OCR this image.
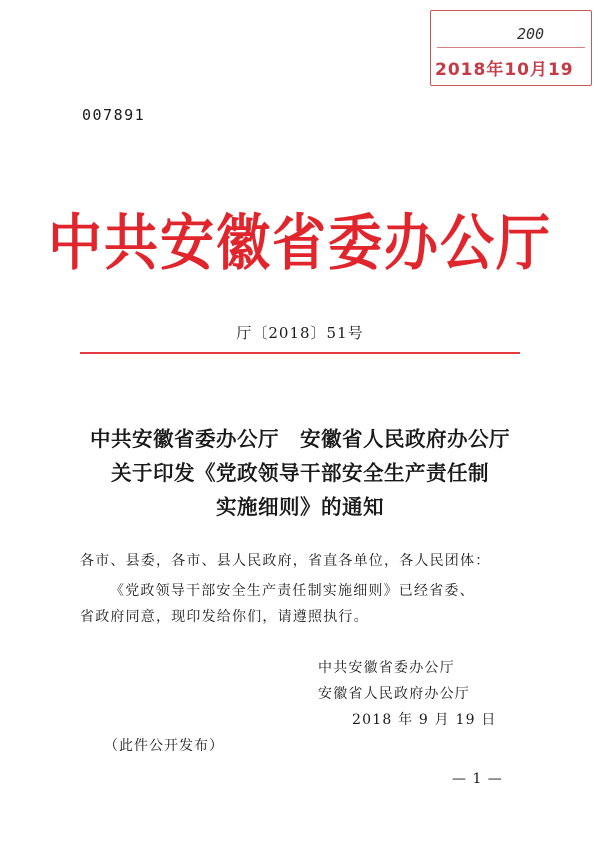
200
2018年10月19
007891
中共安徽省委办公厅
厅〔2018〕51号
中共安徽省委办公厅　安徽省人民政府办公厅
关于印发《党政领导干部安全生产责任制
实施细则》的通知
各市、县委，各市、县人民政府，省直各单位，各人民团体：
《党政领导干部安全生产责任制实施细则》已经省委、
省政府同意，现印发给你们，请遵照执行。
中共安徽省委办公厅
安徽省人民政府办公厅
2018 年 9 月 19 日
（此件公开发布）
— 1 —
